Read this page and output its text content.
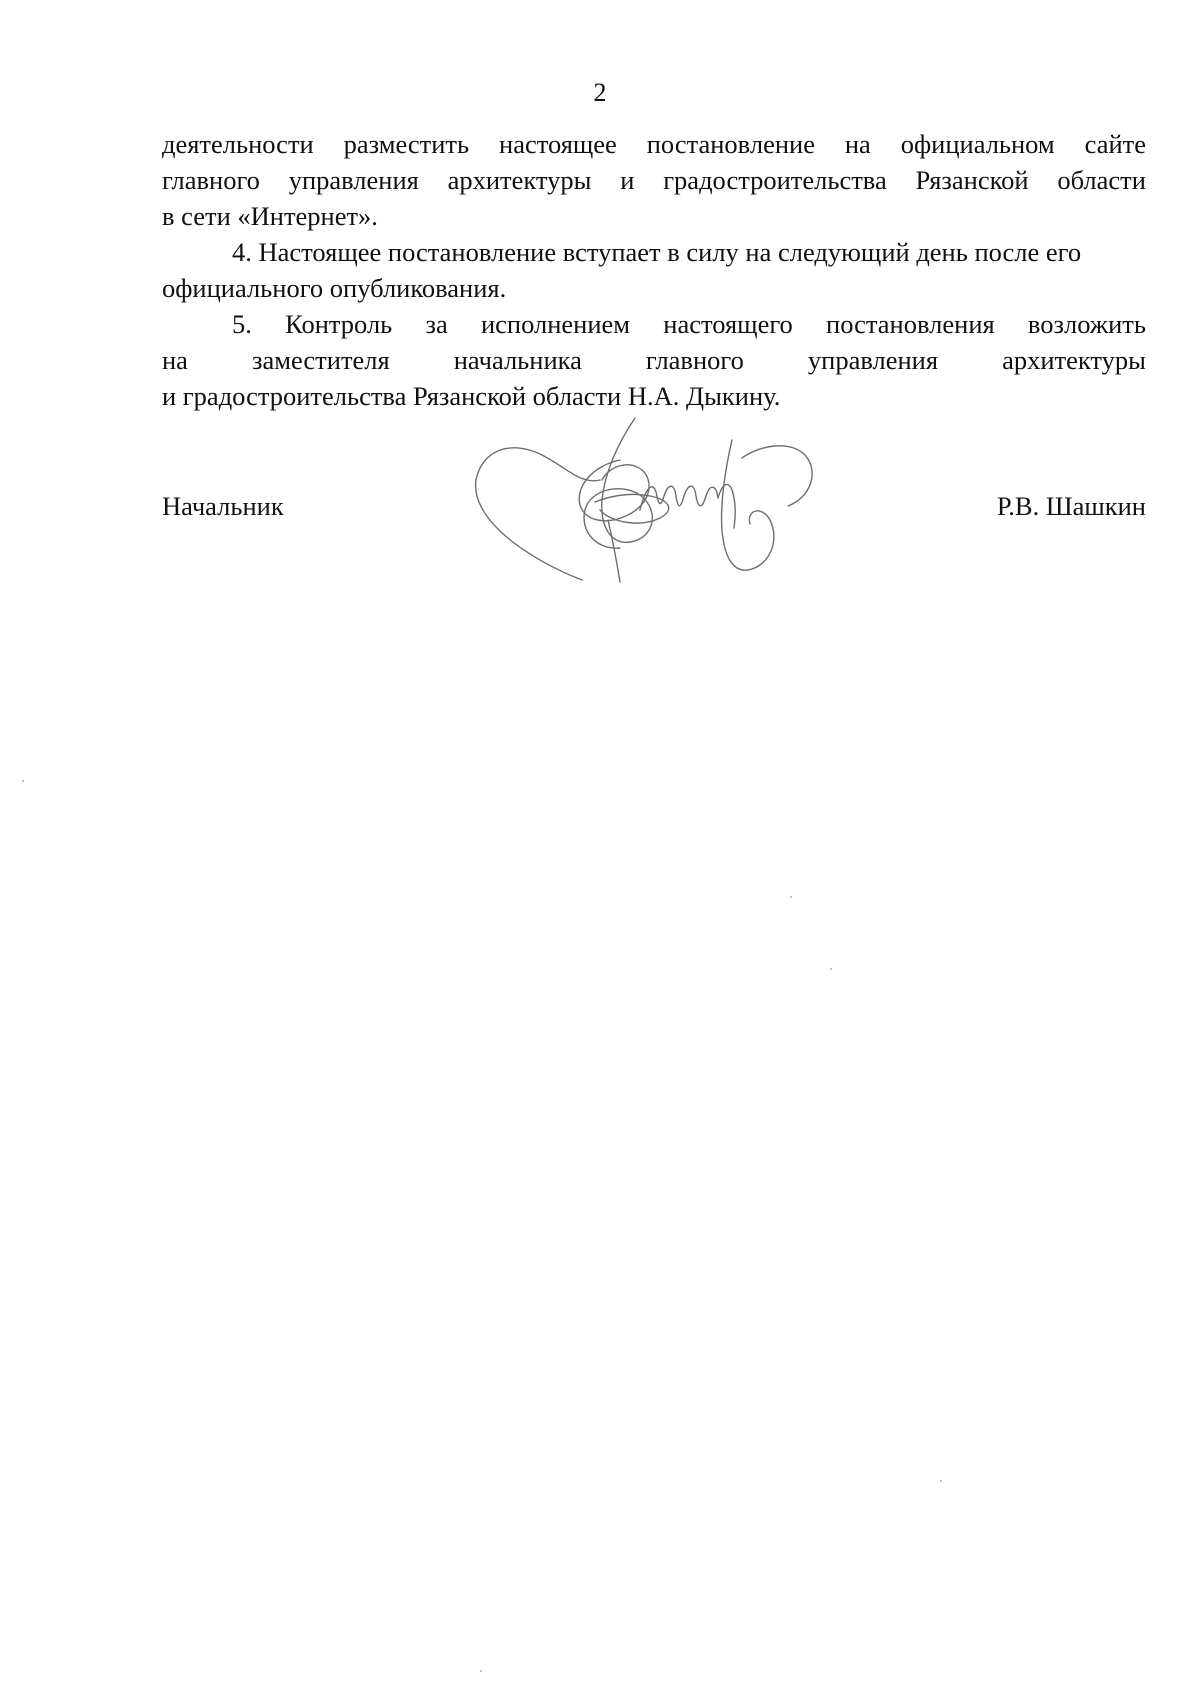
2
деятельности разместить настоящее постановление на официальном сайте
главного управления архитектуры и градостроительства Рязанской области
в сети «Интернет».
4. Настоящее постановление вступает в силу на следующий день после его
официального опубликования.
5. Контроль за исполнением настоящего постановления возложить
на заместителя начальника главного управления архитектуры
и градостроительства Рязанской области Н.А. Дыкину.
Начальник	Р.В. Шашкин
